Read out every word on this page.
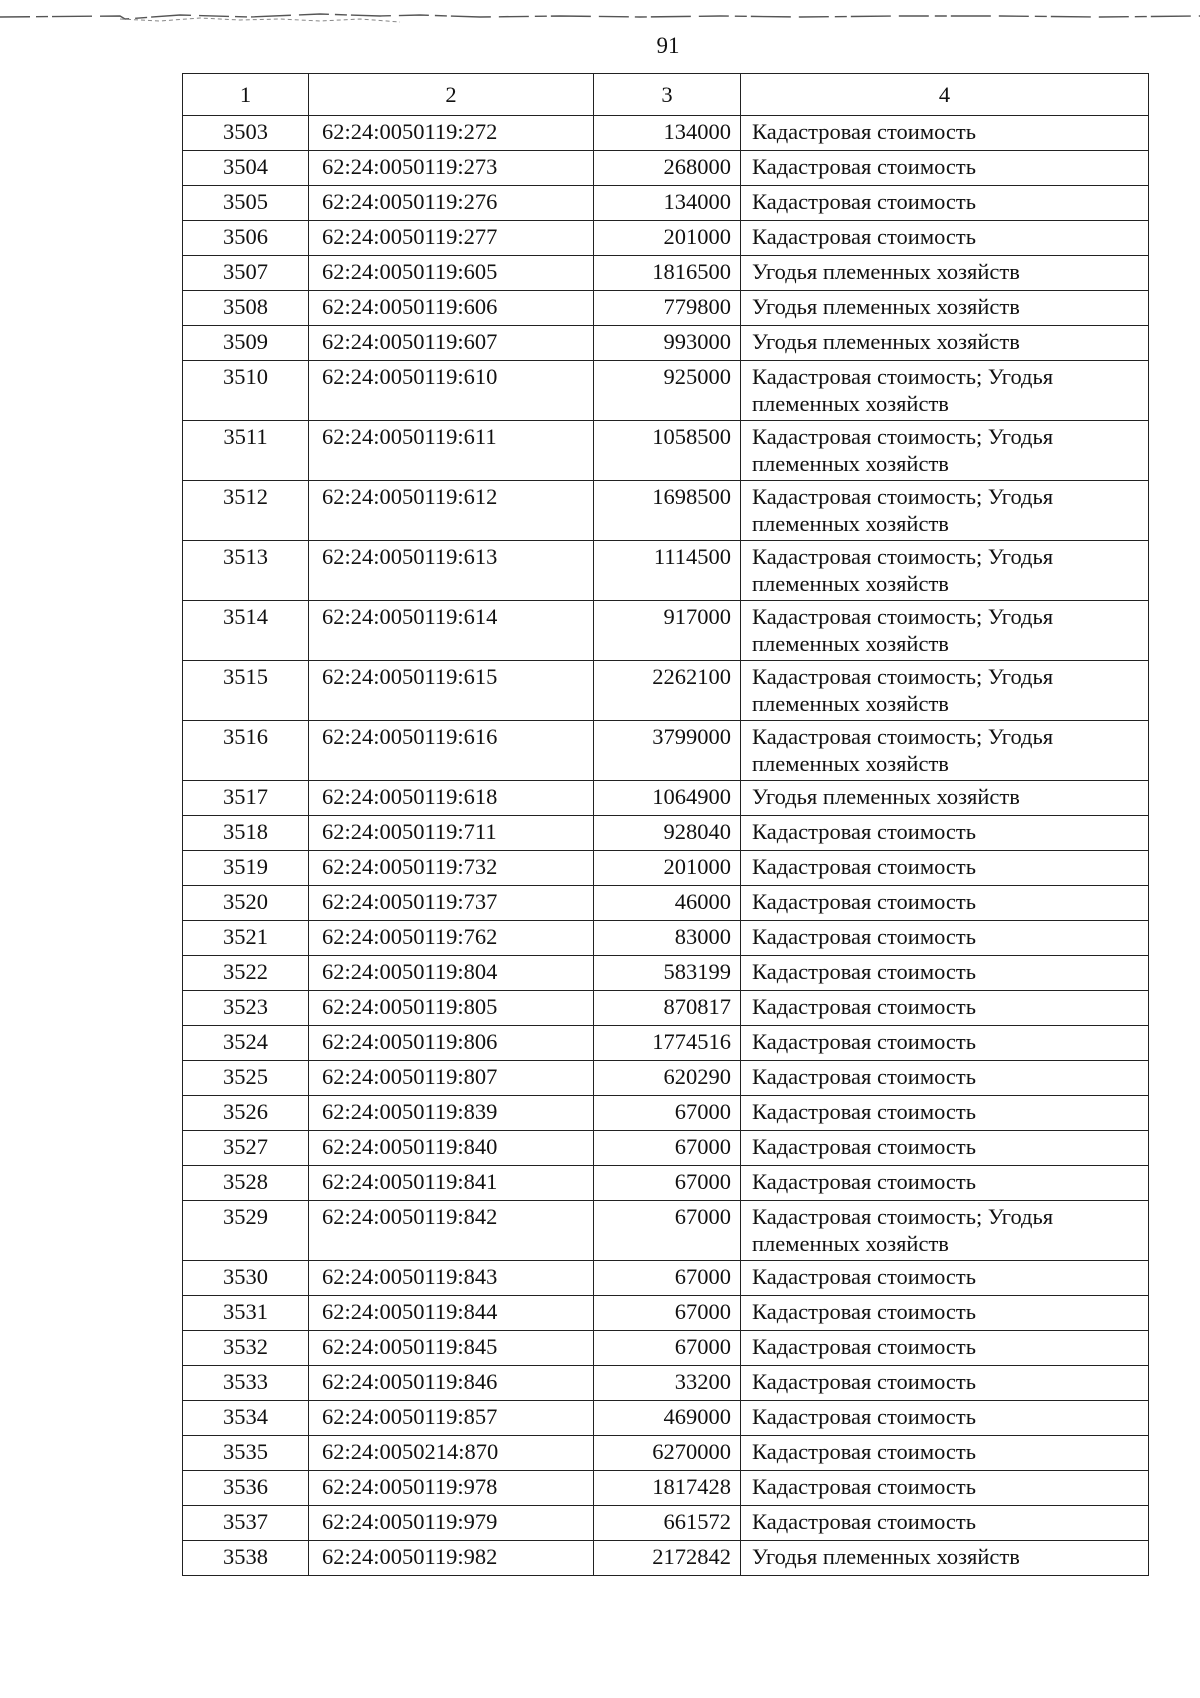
91
1	2	3	4
3503	62:24:0050119:272	134000	Кадастровая стоимость
3504	62:24:0050119:273	268000	Кадастровая стоимость
3505	62:24:0050119:276	134000	Кадастровая стоимость
3506	62:24:0050119:277	201000	Кадастровая стоимость
3507	62:24:0050119:605	1816500	Угодья племенных хозяйств
3508	62:24:0050119:606	779800	Угодья племенных хозяйств
3509	62:24:0050119:607	993000	Угодья племенных хозяйств
3510	62:24:0050119:610	925000	Кадастровая стоимость; Угодья племенных хозяйств
3511	62:24:0050119:611	1058500	Кадастровая стоимость; Угодья племенных хозяйств
3512	62:24:0050119:612	1698500	Кадастровая стоимость; Угодья племенных хозяйств
3513	62:24:0050119:613	1114500	Кадастровая стоимость; Угодья племенных хозяйств
3514	62:24:0050119:614	917000	Кадастровая стоимость; Угодья племенных хозяйств
3515	62:24:0050119:615	2262100	Кадастровая стоимость; Угодья племенных хозяйств
3516	62:24:0050119:616	3799000	Кадастровая стоимость; Угодья племенных хозяйств
3517	62:24:0050119:618	1064900	Угодья племенных хозяйств
3518	62:24:0050119:711	928040	Кадастровая стоимость
3519	62:24:0050119:732	201000	Кадастровая стоимость
3520	62:24:0050119:737	46000	Кадастровая стоимость
3521	62:24:0050119:762	83000	Кадастровая стоимость
3522	62:24:0050119:804	583199	Кадастровая стоимость
3523	62:24:0050119:805	870817	Кадастровая стоимость
3524	62:24:0050119:806	1774516	Кадастровая стоимость
3525	62:24:0050119:807	620290	Кадастровая стоимость
3526	62:24:0050119:839	67000	Кадастровая стоимость
3527	62:24:0050119:840	67000	Кадастровая стоимость
3528	62:24:0050119:841	67000	Кадастровая стоимость
3529	62:24:0050119:842	67000	Кадастровая стоимость; Угодья племенных хозяйств
3530	62:24:0050119:843	67000	Кадастровая стоимость
3531	62:24:0050119:844	67000	Кадастровая стоимость
3532	62:24:0050119:845	67000	Кадастровая стоимость
3533	62:24:0050119:846	33200	Кадастровая стоимость
3534	62:24:0050119:857	469000	Кадастровая стоимость
3535	62:24:0050214:870	6270000	Кадастровая стоимость
3536	62:24:0050119:978	1817428	Кадастровая стоимость
3537	62:24:0050119:979	661572	Кадастровая стоимость
3538	62:24:0050119:982	2172842	Угодья племенных хозяйств
